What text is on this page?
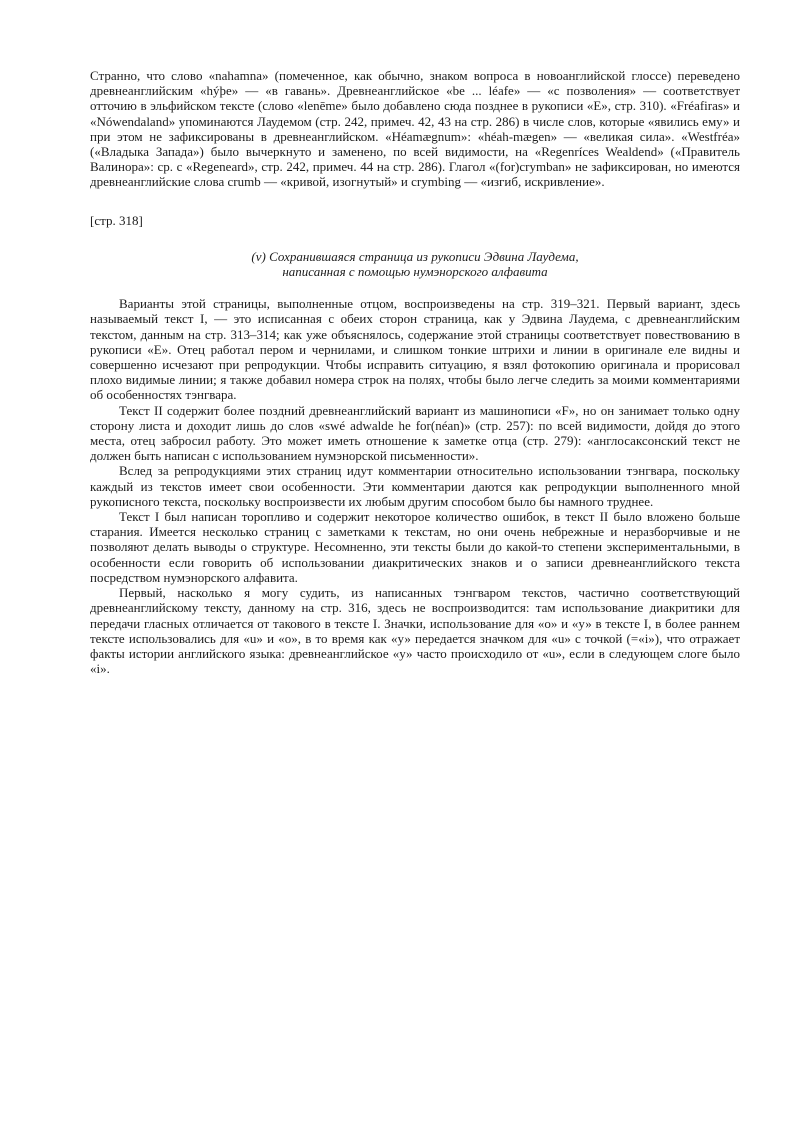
Странно, что слово «nahamna» (помеченное, как обычно, знаком вопроса в новоанглийской глоссе) переведено древнеанглийским «hýþe» — «в гавань». Древнеанглийское «be ... léafe» — «с позволения» — соответствует отточию в эльфийском тексте (слово «lenēme» было добавлено сюда позднее в рукописи «E», стр. 310). «Fréafiras» и «Nówendaland» упоминаются Лаудемом (стр. 242, примеч. 42, 43 на стр. 286) в числе слов, которые «явились ему» и при этом не зафиксированы в древнеанглийском. «Héamægnum»: «héah-mægen» — «великая сила». «Westfréa» («Владыка Запада») было вычеркнуто и заменено, по всей видимости, на «Regenríces Wealdend» («Правитель Валинора»: ср. с «Regeneard», стр. 242, примеч. 44 на стр. 286). Глагол «(for)crymban» не зафиксирован, но имеются древнеанглийские слова crumb — «кривой, изогнутый» и crymbing — «изгиб, искривление».

[стр. 318]

(v) Сохранившаяся страница из рукописи Эдвина Лаудема,
написанная с помощью нумэнорского алфавита

Варианты этой страницы, выполненные отцом, воспроизведены на стр. 319–321. Первый вариант, здесь называемый текст I, — это исписанная с обеих сторон страница, как у Эдвина Лаудема, с древнеанглийским текстом, данным на стр. 313–314; как уже объяснялось, содержание этой страницы соответствует повествованию в рукописи «E». Отец работал пером и чернилами, и слишком тонкие штрихи и линии в оригинале еле видны и совершенно исчезают при репродукции. Чтобы исправить ситуацию, я взял фотокопию оригинала и прорисовал плохо видимые линии; я также добавил номера строк на полях, чтобы было легче следить за моими комментариями об особенностях тэнгвара.

Текст II содержит более поздний древнеанглийский вариант из машинописи «F», но он занимает только одну сторону листа и доходит лишь до слов «swé adwalde he for(néan)» (стр. 257): по всей видимости, дойдя до этого места, отец забросил работу. Это может иметь отношение к заметке отца (стр. 279): «англосаксонский текст не должен быть написан с использованием нумэнорской письменности».

Вслед за репродукциями этих страниц идут комментарии относительно использовании тэнгвара, поскольку каждый из текстов имеет свои особенности. Эти комментарии даются как репродукции выполненного мной рукописного текста, поскольку воспроизвести их любым другим способом было бы намного труднее.

Текст I был написан торопливо и содержит некоторое количество ошибок, в текст II было вложено больше старания. Имеется несколько страниц с заметками к текстам, но они очень небрежные и неразборчивые и не позволяют делать выводы о структуре. Несомненно, эти тексты были до какой-то степени экспериментальными, в особенности если говорить об использовании диакритических знаков и о записи древнеанглийского текста посредством нумэнорского алфавита.

Первый, насколько я могу судить, из написанных тэнгваром текстов, частично соответствующий древнеанглийскому тексту, данному на стр. 316, здесь не воспроизводится: там использование диакритики для передачи гласных отличается от такового в тексте I. Значки, использование для «о» и «у» в тексте I, в более раннем тексте использовались для «u» и «о», в то время как «у» передается значком для «u» с точкой (=«i»), что отражает факты истории английского языка: древнеанглийское «у» часто происходило от «u», если в следующем слоге было «i».
